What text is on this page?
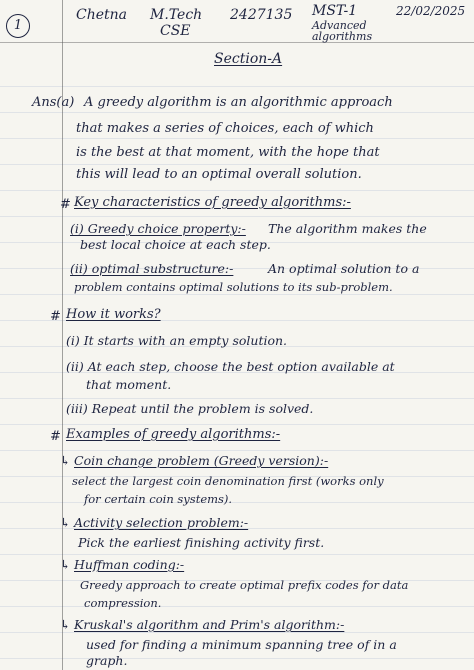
1
Chetna M.Tech
CSE
2427135 MST-1
Advanced algorithms
22/02/2025
Section-A
Ans(a) A greedy algorithm is an algorithmic approach
that makes a series of choices, each of which
is the best at that moment, with the hope that
this will lead to an optimal overall solution.
# Key characteristics of greedy algorithms:-
(i) Greedy choice property:- The algorithm makes the
best local choice at each step.
(ii) optimal substructure:-	An optimal solution to a
problem contains optimal solutions to its sub-problem.
# How it works?
(i) It starts with an empty solution.
(ii) At each step, choose the best option available at
that moment.
(iii) Repeat until the problem is solved.
# Examples of greedy algorithms:-
↳ Coin change problem (Greedy version):-
select the largest coin denomination first (works only
for certain coin systems).
↳ Activity selection problem:-
Pick the earliest finishing activity first.
↳ Huffman coding:-
Greedy approach to create optimal prefix codes for data
compression.
↳ Kruskal's algorithm and Prim's algorithm:-
used for finding a minimum spanning tree of in a
graph.
